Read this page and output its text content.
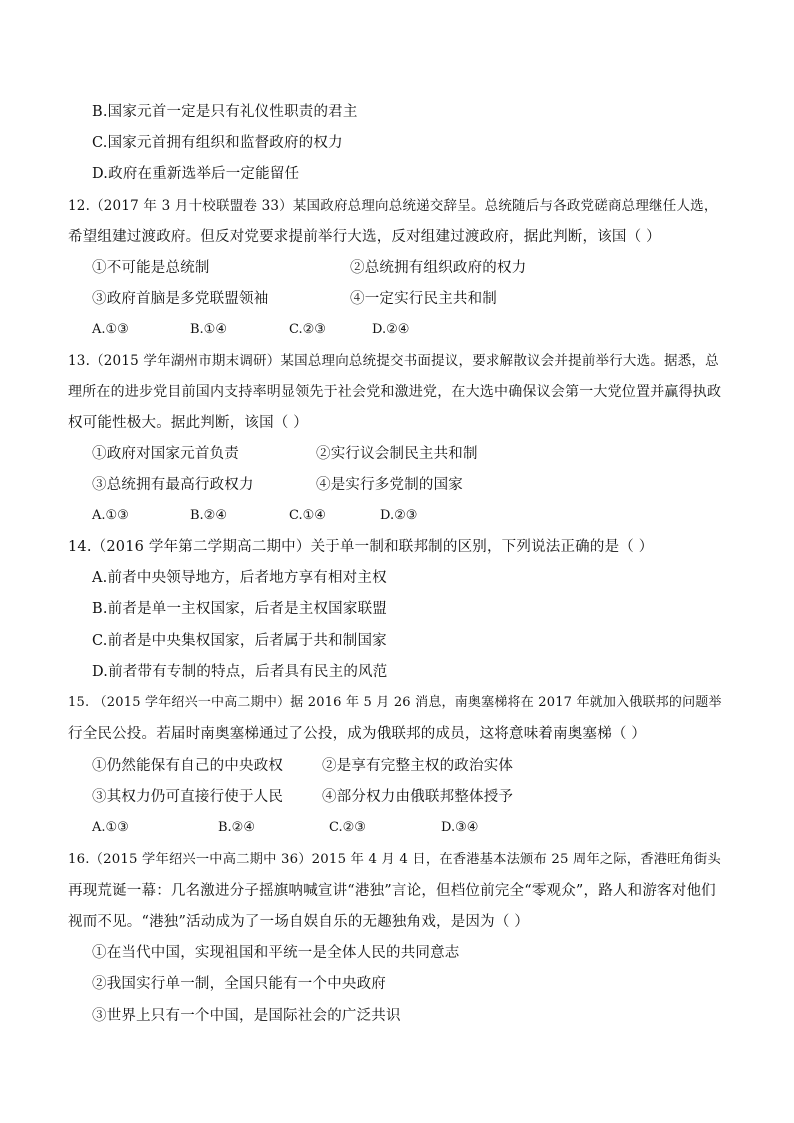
B.国家元首一定是只有礼仪性职责的君主
C.国家元首拥有组织和监督政府的权力
D.政府在重新选举后一定能留任
12.（2017 年 3 月十校联盟卷 33）某国政府总理向总统递交辞呈。总统随后与各政党磋商总理继任人选，
希望组建过渡政府。但反对党要求提前举行大选，反对组建过渡政府，据此判断，该国（ ）
①不可能是总统制	②总统拥有组织政府的权力
③政府首脑是多党联盟领袖	④一定实行民主共和制
A.①③	B.①④	C.②③	D.②④
13.（2015 学年湖州市期末调研）某国总理向总统提交书面提议，要求解散议会并提前举行大选。据悉，总
理所在的进步党目前国内支持率明显领先于社会党和激进党，在大选中确保议会第一大党位置并赢得执政
权可能性极大。据此判断，该国（ ）
①政府对国家元首负责	②实行议会制民主共和制
③总统拥有最高行政权力	④是实行多党制的国家
A.①③	B.②④	C.①④	D.②③
14.（2016 学年第二学期高二期中）关于单一制和联邦制的区别，下列说法正确的是（ ）
A.前者中央领导地方，后者地方享有相对主权
B.前者是单一主权国家，后者是主权国家联盟
C.前者是中央集权国家，后者属于共和制国家
D.前者带有专制的特点，后者具有民主的风范
15. （2015 学年绍兴一中高二期中）据 2016 年 5 月 26 消息，南奥塞梯将在 2017 年就加入俄联邦的问题举
行全民公投。若届时南奥塞梯通过了公投，成为俄联邦的成员，这将意味着南奥塞梯（ ）
①仍然能保有自己的中央政权	②是享有完整主权的政治实体
③其权力仍可直接行使于人民	④部分权力由俄联邦整体授予
A.①③	B.②④	C.②③	D.③④
16.（2015 学年绍兴一中高二期中 36）2015 年 4 月 4 日，在香港基本法颁布 25 周年之际，香港旺角街头
再现荒诞一幕：几名激进分子摇旗呐喊宣讲“港独”言论，但档位前完全“零观众”，路人和游客对他们
视而不见。“港独”活动成为了一场自娱自乐的无趣独角戏，是因为（ ）
①在当代中国，实现祖国和平统一是全体人民的共同意志
②我国实行单一制，全国只能有一个中央政府
③世界上只有一个中国，是国际社会的广泛共识
